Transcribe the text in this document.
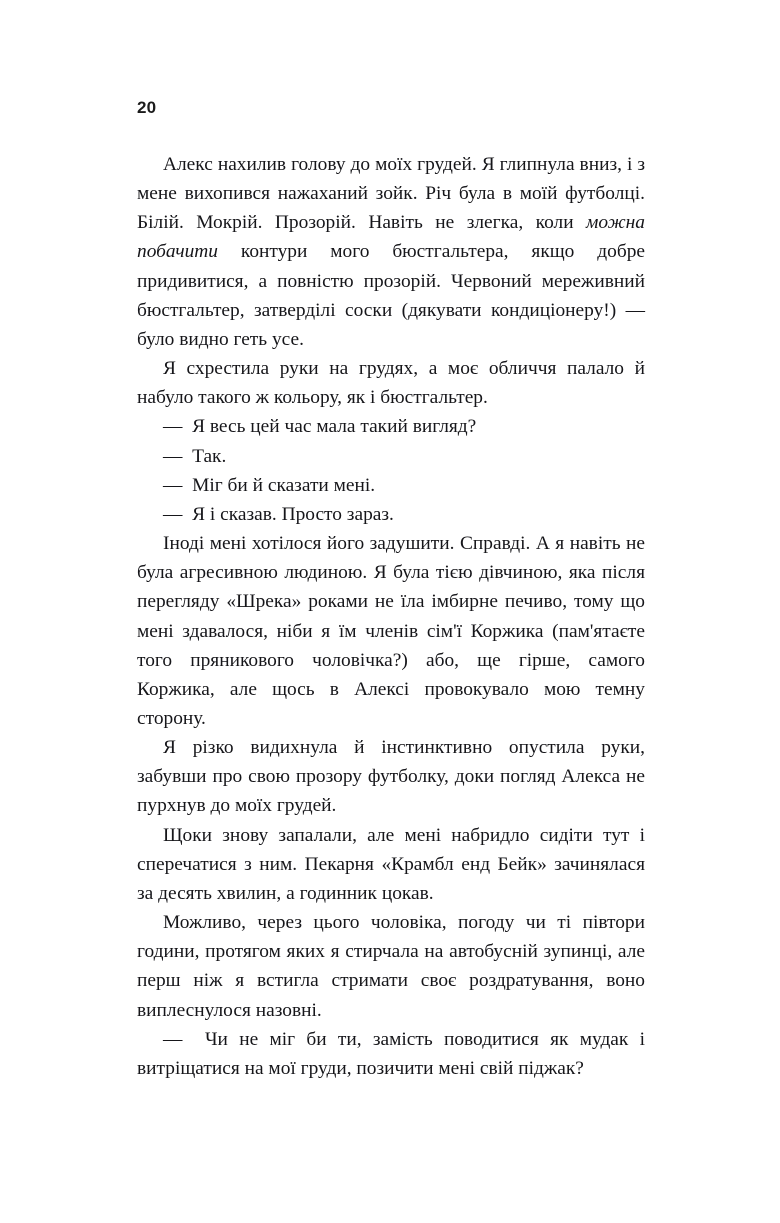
20

Алекс нахилив голову до моїх грудей. Я глипнула вниз, і з мене вихопився нажаханий зойк. Річ була в моїй футболці. Білій. Мокрій. Прозорій. Навіть не злегка, коли можна побачити контури мого бюстгальтера, якщо добре придивитися, а повністю прозорій. Червоний мереживний бюстгальтер, затверділі соски (дякувати кондиціонеру!) — було видно геть усе.

Я схрестила руки на грудях, а моє обличчя палало й набуло такого ж кольору, як і бюстгальтер.

— Я весь цей час мала такий вигляд?

— Так.

— Міг би й сказати мені.

— Я і сказав. Просто зараз.

Іноді мені хотілося його задушити. Справді. А я навіть не була агресивною людиною. Я була тією дівчиною, яка після перегляду «Шрека» роками не їла імбирне печиво, тому що мені здавалося, ніби я їм членів сім'ї Коржика (пам'ятаєте того пряникового чоловічка?) або, ще гірше, самого Коржика, але щось в Алексі провокувало мою темну сторону.

Я різко видихнула й інстинктивно опустила руки, забувши про свою прозору футболку, доки погляд Алекса не пурхнув до моїх грудей.

Щоки знову запалали, але мені набридло сидіти тут і сперечатися з ним. Пекарня «Крамбл енд Бейк» зачинялася за десять хвилин, а годинник цокав.

Можливо, через цього чоловіка, погоду чи ті півтори години, протягом яких я стирчала на автобусній зупинці, але перш ніж я встигла стримати своє роздратування, воно виплеснулося назовні.

— Чи не міг би ти, замість поводитися як мудак і витріщатися на мої груди, позичити мені свій піджак?
